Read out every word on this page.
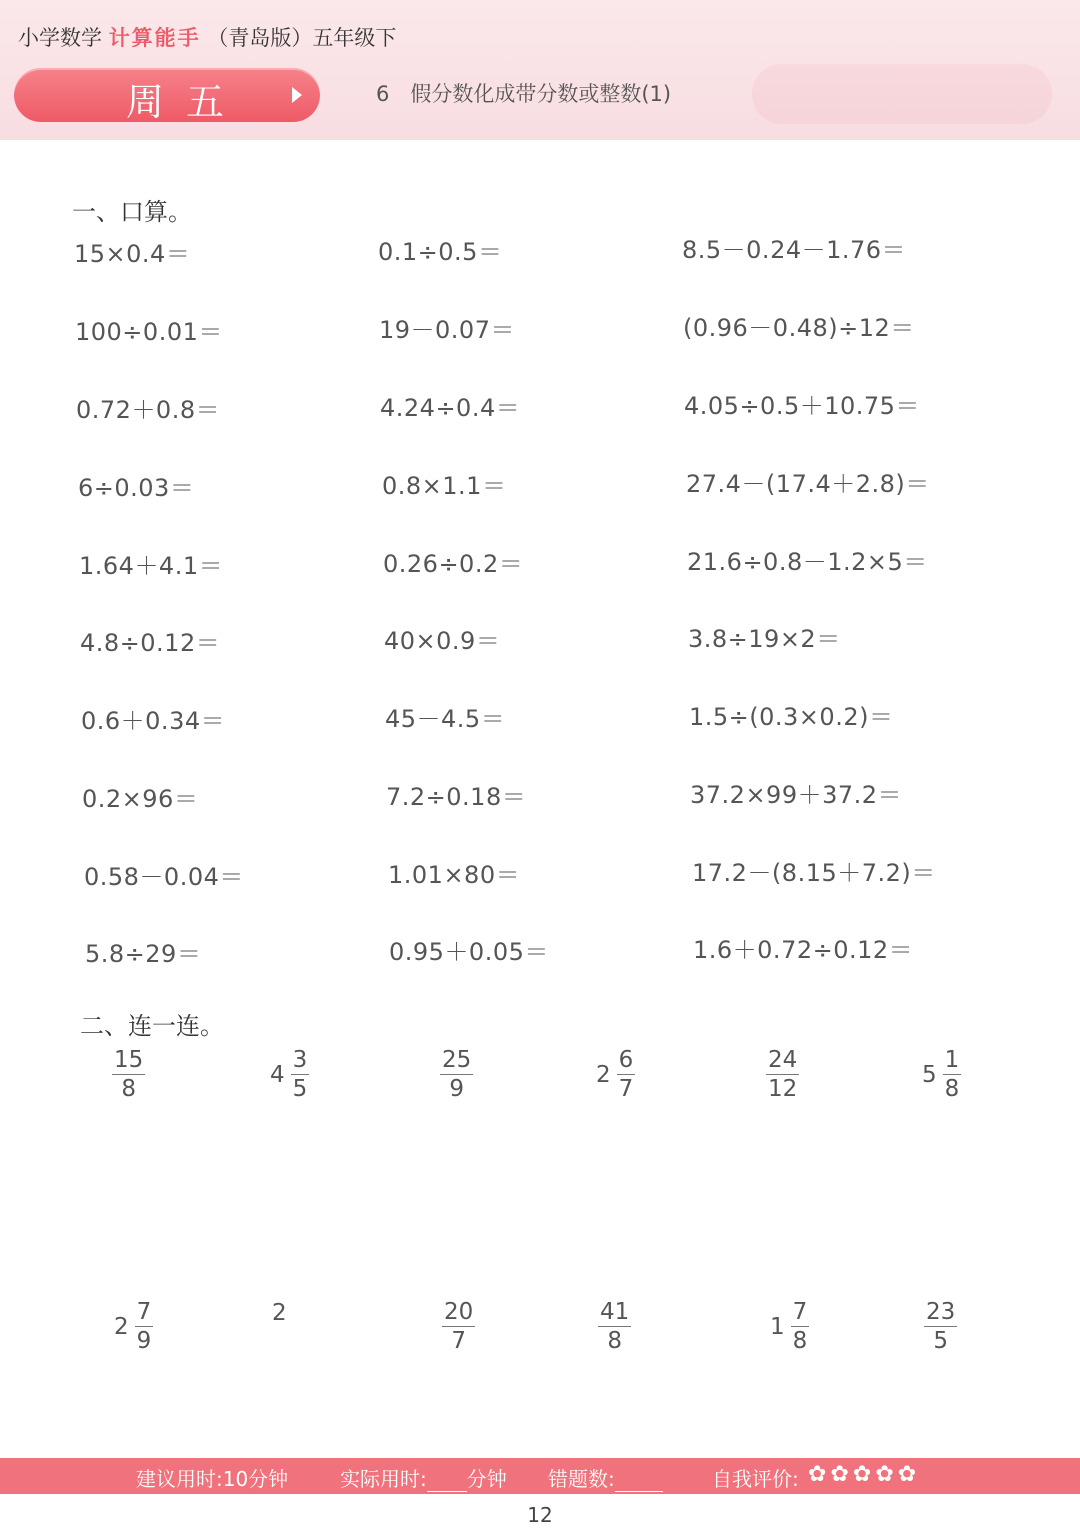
小学数学 计算能手 （青岛版）五年级下
周五	6　假分数化成带分数或整数(1)
一、口算。
15×0.4＝	0.1÷0.5＝	8.5－0.24－1.76＝
100÷0.01＝	19－0.07＝	(0.96－0.48)÷12＝
0.72＋0.8＝	4.24÷0.4＝	4.05÷0.5＋10.75＝
6÷0.03＝	0.8×1.1＝	27.4－(17.4＋2.8)＝
1.64＋4.1＝	0.26÷0.2＝	21.6÷0.8－1.2×5＝
4.8÷0.12＝	40×0.9＝	3.8÷19×2＝
0.6＋0.34＝	45－4.5＝	1.5÷(0.3×0.2)＝
0.2×96＝	7.2÷0.18＝	37.2×99＋37.2＝
0.58－0.04＝	1.01×80＝	17.2－(8.15＋7.2)＝
5.8÷29＝	0.95＋0.05＝	1.6＋0.72÷0.12＝
二、连一连。
$\frac{15}{8}$	$4 \frac{3}{5}$	$\frac{25}{9}$	$2 \frac{6}{7}$	$\frac{24}{12}$	$5 \frac{1}{8}$
$2 \frac{7}{9}$	2	$\frac{20}{7}$	$\frac{41}{8}$	$1 \frac{7}{8}$	$\frac{23}{5}$
建议用时:10分钟	实际用时: 分钟 错题数:	自我评价: ✿ ✿ ✿ ✿ ✿
12
